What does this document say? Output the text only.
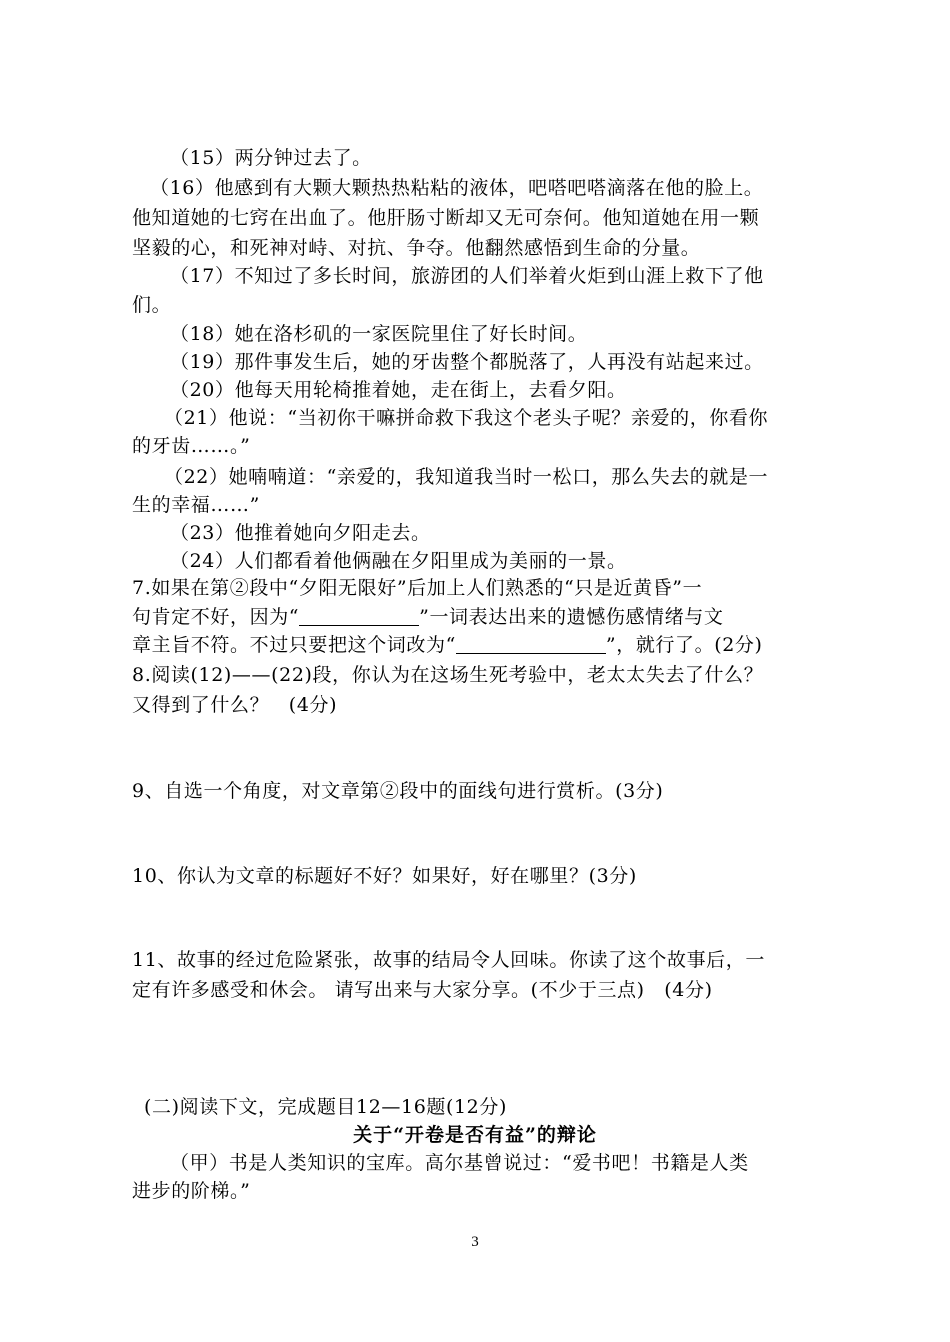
（15）两分钟过去了。
（16）他感到有大颗大颗热热粘粘的液体，吧嗒吧嗒滴落在他的脸上。
他知道她的七窍在出血了。他肝肠寸断却又无可奈何。他知道她在用一颗
坚毅的心，和死神对峙、对抗、争夺。他翻然感悟到生命的分量。
（17）不知过了多长时间，旅游团的人们举着火炬到山涯上救下了他
们。
（18）她在洛杉矶的一家医院里住了好长时间。
（19）那件事发生后，她的牙齿整个都脱落了，人再没有站起来过。
（20）他每天用轮椅推着她，走在街上，去看夕阳。
（21）他说：“当初你干嘛拼命救下我这个老头子呢？亲爱的，你看你
的牙齿……。”
（22）她喃喃道：“亲爱的，我知道我当时一松口，那么失去的就是一
生的幸福……”
（23）他推着她向夕阳走去。
（24）人们都看着他俩融在夕阳里成为美丽的一景。
7.如果在第②段中“夕阳无限好”后加上人们熟悉的“只是近黄昏”一
句肯定不好，因为“	”一词表达出来的遗憾伤感情绪与文
章主旨不符。不过只要把这个词改为“	”，就行了。(2分)
8.阅读(12)——(22)段，你认为在这场生死考验中，老太太失去了什么？
又得到了什么？　(4分)
9、自选一个角度，对文章第②段中的面线句进行赏析。(3分)
10、你认为文章的标题好不好？如果好，好在哪里？(3分)
11、故事的经过危险紧张，故事的结局令人回味。你读了这个故事后，一
定有许多感受和休会。 请写出来与大家分享。(不少于三点)　(4分)
(二)阅读下文，完成题目12—16题(12分)
关于“开卷是否有益”的辩论
（甲）书是人类知识的宝库。高尔基曾说过：“爱书吧！书籍是人类
进步的阶梯。”
3
